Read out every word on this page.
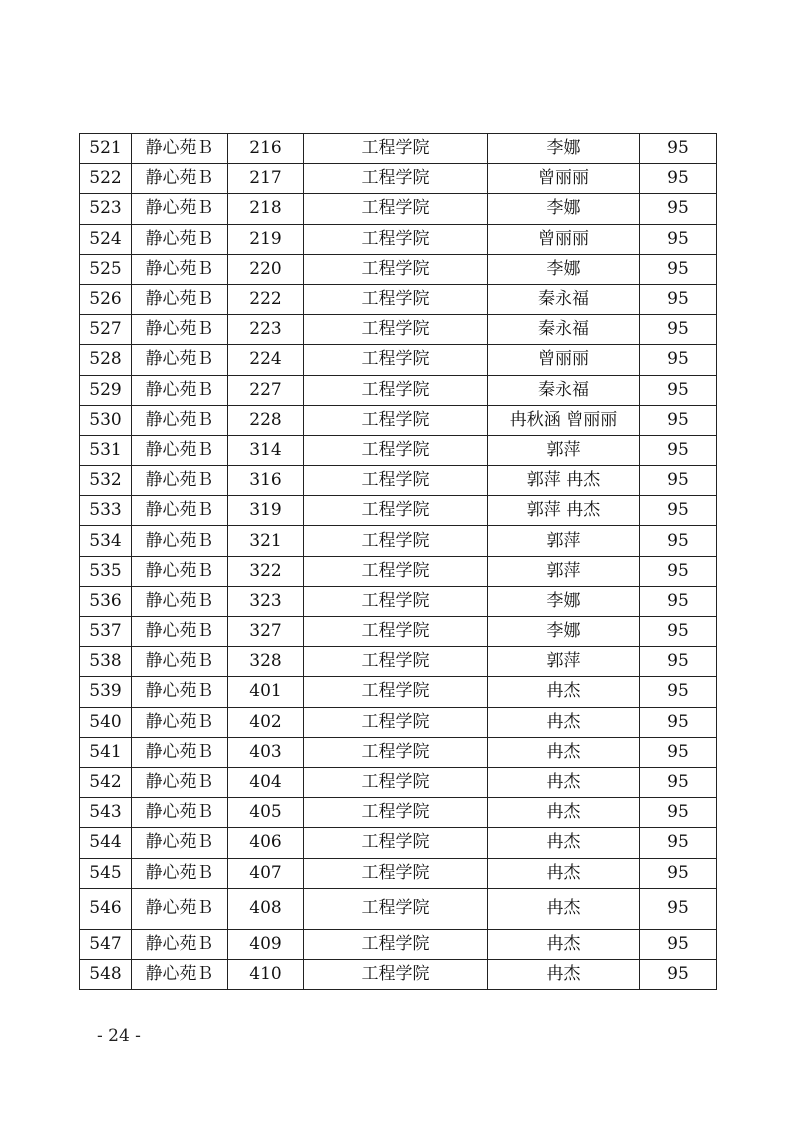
521	静心苑Ｂ	216	工程学院	李娜	95
522	静心苑Ｂ	217	工程学院	曾丽丽	95
523	静心苑Ｂ	218	工程学院	李娜	95
524	静心苑Ｂ	219	工程学院	曾丽丽	95
525	静心苑Ｂ	220	工程学院	李娜	95
526	静心苑Ｂ	222	工程学院	秦永福	95
527	静心苑Ｂ	223	工程学院	秦永福	95
528	静心苑Ｂ	224	工程学院	曾丽丽	95
529	静心苑Ｂ	227	工程学院	秦永福	95
530	静心苑Ｂ	228	工程学院	冉秋涵 曾丽丽	95
531	静心苑Ｂ	314	工程学院	郭萍	95
532	静心苑Ｂ	316	工程学院	郭萍 冉杰	95
533	静心苑Ｂ	319	工程学院	郭萍 冉杰	95
534	静心苑Ｂ	321	工程学院	郭萍	95
535	静心苑Ｂ	322	工程学院	郭萍	95
536	静心苑Ｂ	323	工程学院	李娜	95
537	静心苑Ｂ	327	工程学院	李娜	95
538	静心苑Ｂ	328	工程学院	郭萍	95
539	静心苑Ｂ	401	工程学院	冉杰	95
540	静心苑Ｂ	402	工程学院	冉杰	95
541	静心苑Ｂ	403	工程学院	冉杰	95
542	静心苑Ｂ	404	工程学院	冉杰	95
543	静心苑Ｂ	405	工程学院	冉杰	95
544	静心苑Ｂ	406	工程学院	冉杰	95
545	静心苑Ｂ	407	工程学院	冉杰	95
546	静心苑Ｂ	408	工程学院	冉杰	95
547	静心苑Ｂ	409	工程学院	冉杰	95
548	静心苑Ｂ	410	工程学院	冉杰	95
- 24 -
